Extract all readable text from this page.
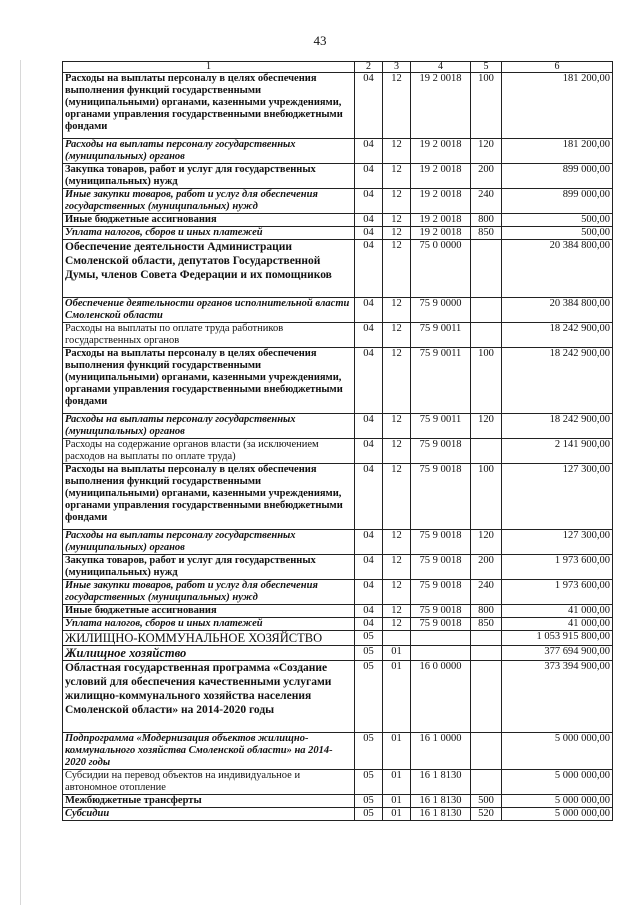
43
1	2	3	4	5	6
Расходы на выплаты персоналу в целях обеспечения выполнения функций государственными (муниципальными) органами, казенными учреждениями, органами управления государственными внебюджетными фондами	04	12	19 2 0018	100	181 200,00
Расходы на выплаты персоналу государственных (муниципальных) органов	04	12	19 2 0018	120	181 200,00
Закупка товаров, работ и услуг для государственных (муниципальных) нужд	04	12	19 2 0018	200	899 000,00
Иные закупки товаров, работ и услуг для обеспечения государственных (муниципальных) нужд	04	12	19 2 0018	240	899 000,00
Иные бюджетные ассигнования	04	12	19 2 0018	800	500,00
Уплата налогов, сборов и иных платежей	04	12	19 2 0018	850	500,00
Обеспечение деятельности Администрации Смоленской области, депутатов Государственной Думы, членов Совета Федерации и их помощников	04	12	75 0 0000		20 384 800,00
Обеспечение деятельности органов исполнительной власти Смоленской области	04	12	75 9 0000		20 384 800,00
Расходы на выплаты по оплате труда работников государственных органов	04	12	75 9 0011		18 242 900,00
Расходы на выплаты персоналу в целях обеспечения выполнения функций государственными (муниципальными) органами, казенными учреждениями, органами управления государственными внебюджетными фондами	04	12	75 9 0011	100	18 242 900,00
Расходы на выплаты персоналу государственных (муниципальных) органов	04	12	75 9 0011	120	18 242 900,00
Расходы на содержание органов власти (за исключением расходов на выплаты по оплате труда)	04	12	75 9 0018		2 141 900,00
Расходы на выплаты персоналу в целях обеспечения выполнения функций государственными (муниципальными) органами, казенными учреждениями, органами управления государственными внебюджетными фондами	04	12	75 9 0018	100	127 300,00
Расходы на выплаты персоналу государственных (муниципальных) органов	04	12	75 9 0018	120	127 300,00
Закупка товаров, работ и услуг для государственных (муниципальных) нужд	04	12	75 9 0018	200	1 973 600,00
Иные закупки товаров, работ и услуг для обеспечения государственных (муниципальных) нужд	04	12	75 9 0018	240	1 973 600,00
Иные бюджетные ассигнования	04	12	75 9 0018	800	41 000,00
Уплата налогов, сборов и иных платежей	04	12	75 9 0018	850	41 000,00
ЖИЛИЩНО-КОММУНАЛЬНОЕ ХОЗЯЙСТВО	05				1 053 915 800,00
Жилищное хозяйство	05	01			377 694 900,00
Областная государственная программа «Создание условий для обеспечения качественными услугами жилищно-коммунального хозяйства населения Смоленской области» на 2014-2020 годы	05	01	16 0 0000		373 394 900,00
Подпрограмма «Модернизация объектов жилищно-коммунального хозяйства Смоленской области» на 2014-2020 годы	05	01	16 1 0000		5 000 000,00
Субсидии на перевод объектов на индивидуальное и автономное отопление	05	01	16 1 8130		5 000 000,00
Межбюджетные трансферты	05	01	16 1 8130	500	5 000 000,00
Субсидии	05	01	16 1 8130	520	5 000 000,00
